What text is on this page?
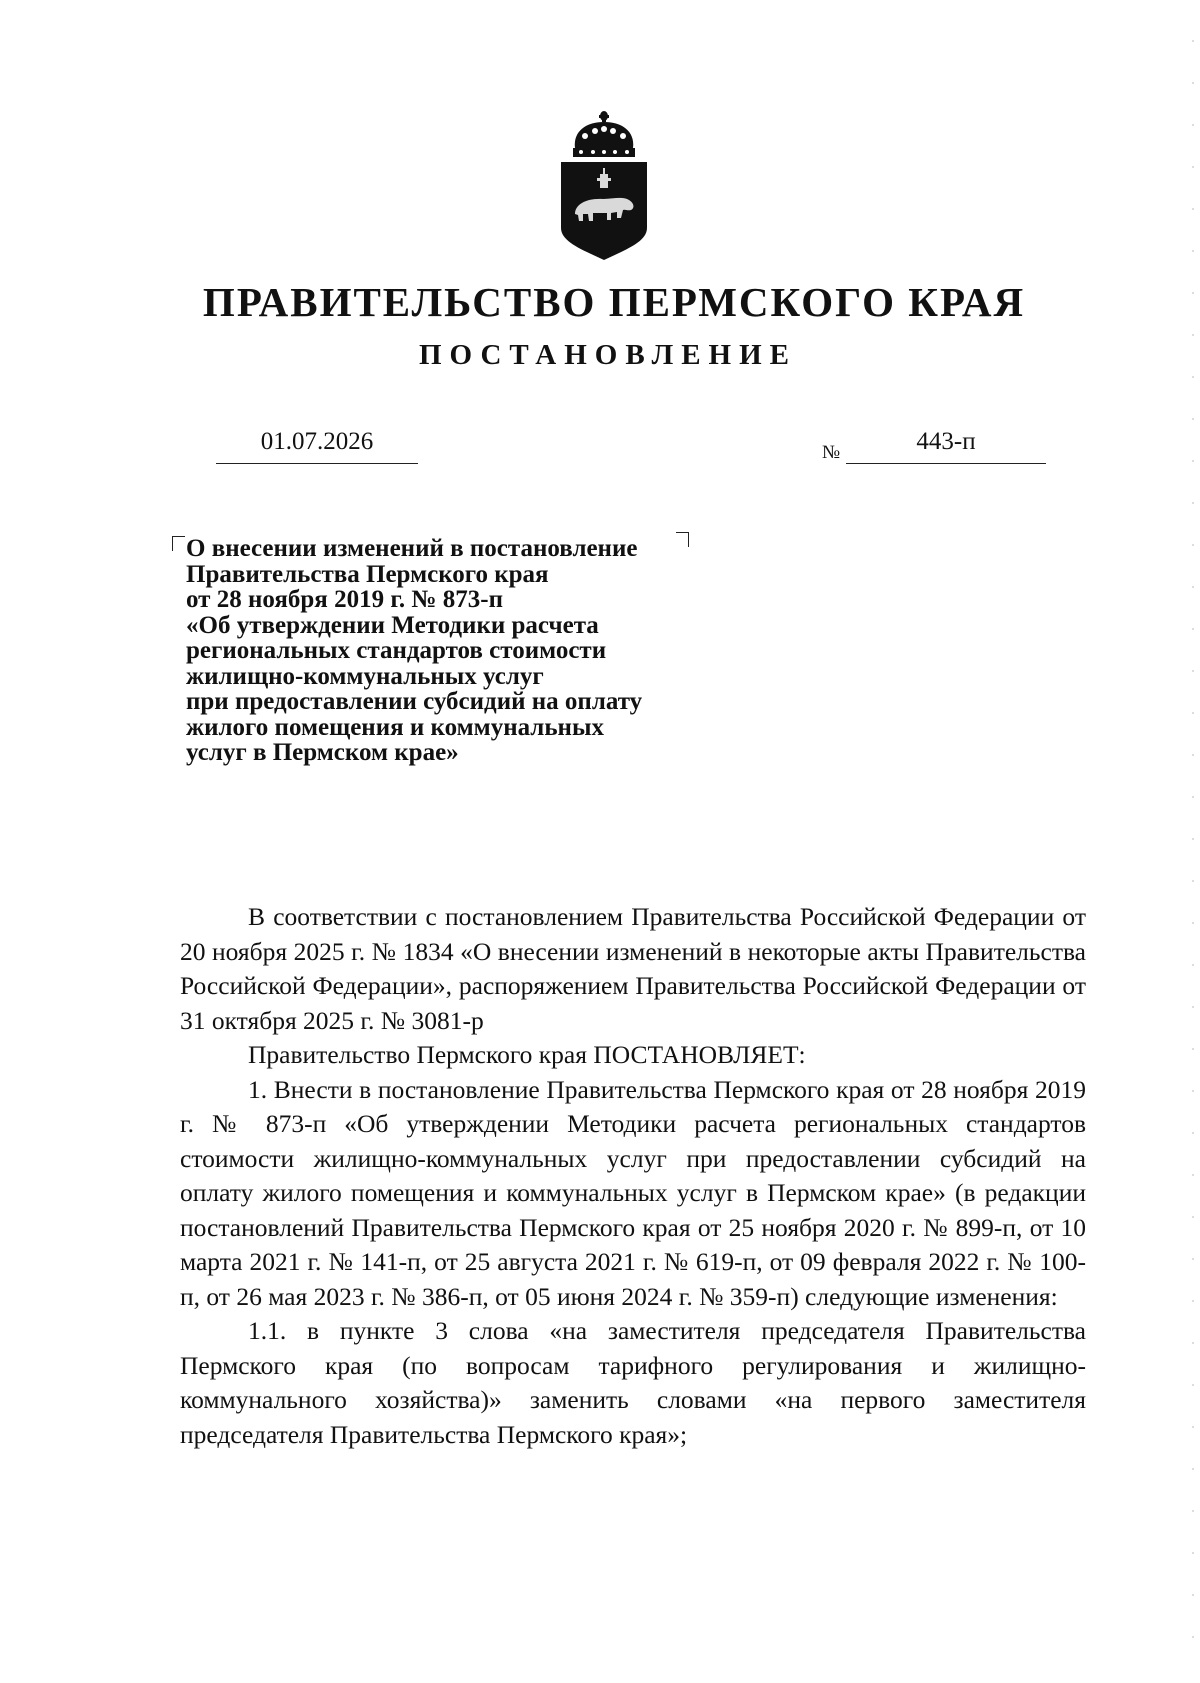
ПРАВИТЕЛЬСТВО ПЕРМСКОГО КРАЯ
ПОСТАНОВЛЕНИЕ
01.07.2026	№	443-п
О внесении изменений в постановление
Правительства Пермского края
от 28 ноября 2019 г. № 873-п
«Об утверждении Методики расчета
региональных стандартов стоимости
жилищно-коммунальных услуг
при предоставлении субсидий на оплату
жилого помещения и коммунальных
услуг в Пермском крае»

В соответствии с постановлением Правительства Российской Федерации от 20 ноября 2025 г. № 1834 «О внесении изменений в некоторые акты Правительства Российской Федерации», распоряжением Правительства Российской Федерации от 31 октября 2025 г. № 3081-р

Правительство Пермского края ПОСТАНОВЛЯЕТ:

1. Внести в постановление Правительства Пермского края от 28 ноября 2019 г. № 873-п «Об утверждении Методики расчета региональных стандартов стоимости жилищно-коммунальных услуг при предоставлении субсидий на оплату жилого помещения и коммунальных услуг в Пермском крае» (в редакции постановлений Правительства Пермского края от 25 ноября 2020 г. № 899-п, от 10 марта 2021 г. № 141-п, от 25 августа 2021 г. № 619-п, от 09 февраля 2022 г. № 100-п, от 26 мая 2023 г. № 386-п, от 05 июня 2024 г. № 359-п) следующие изменения:

1.1. в пункте 3 слова «на заместителя председателя Правительства Пермского края (по вопросам тарифного регулирования и жилищно-коммунального хозяйства)» заменить словами «на первого заместителя председателя Правительства Пермского края»;
